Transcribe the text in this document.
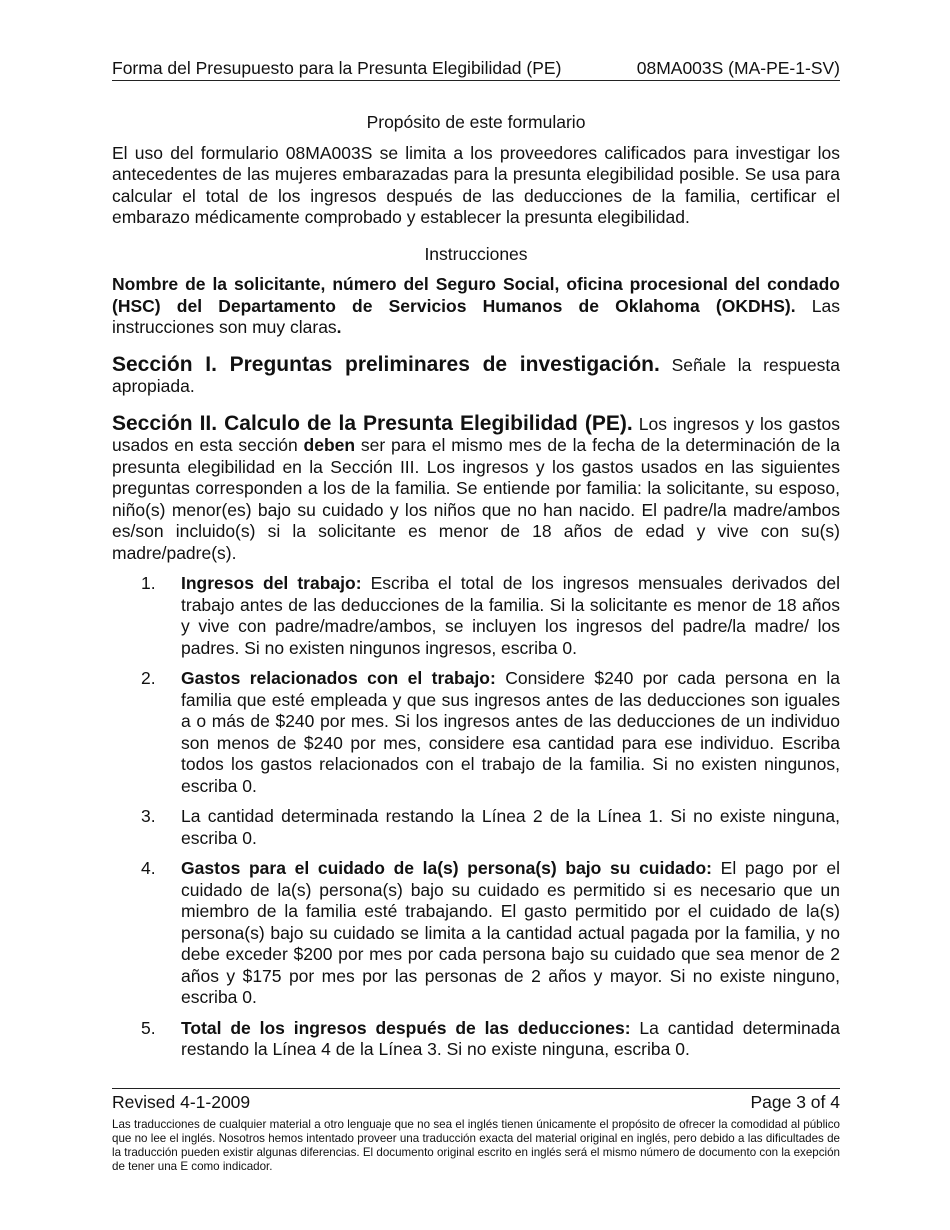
Forma del Presupuesto para la Presunta Elegibilidad (PE)	08MA003S (MA-PE-1-SV)

Propósito de este formulario

El uso del formulario 08MA003S se limita a los proveedores calificados para investigar los antecedentes de las mujeres embarazadas para la presunta elegibilidad posible. Se usa para calcular el total de los ingresos después de las deducciones de la familia, certificar el embarazo médicamente comprobado y establecer la presunta elegibilidad.

Instrucciones

Nombre de la solicitante, número del Seguro Social, oficina procesional del condado (HSC) del Departamento de Servicios Humanos de Oklahoma (OKDHS). Las instrucciones son muy claras.

Sección I. Preguntas preliminares de investigación. Señale la respuesta apropiada.

Sección II. Calculo de la Presunta Elegibilidad (PE). Los ingresos y los gastos usados en esta sección deben ser para el mismo mes de la fecha de la determinación de la presunta elegibilidad en la Sección III. Los ingresos y los gastos usados en las siguientes preguntas corresponden a los de la familia. Se entiende por familia: la solicitante, su esposo, niño(s) menor(es) bajo su cuidado y los niños que no han nacido. El padre/la madre/ambos es/son incluido(s) si la solicitante es menor de 18 años de edad y vive con su(s) madre/padre(s).

1. Ingresos del trabajo: Escriba el total de los ingresos mensuales derivados del trabajo antes de las deducciones de la familia. Si la solicitante es menor de 18 años y vive con padre/madre/ambos, se incluyen los ingresos del padre/la madre/ los padres. Si no existen ningunos ingresos, escriba 0.
2. Gastos relacionados con el trabajo: Considere $240 por cada persona en la familia que esté empleada y que sus ingresos antes de las deducciones son iguales a o más de $240 por mes. Si los ingresos antes de las deducciones de un individuo son menos de $240 por mes, considere esa cantidad para ese individuo. Escriba todos los gastos relacionados con el trabajo de la familia. Si no existen ningunos, escriba 0.
3. La cantidad determinada restando la Línea 2 de la Línea 1. Si no existe ninguna, escriba 0.
4. Gastos para el cuidado de la(s) persona(s) bajo su cuidado: El pago por el cuidado de la(s) persona(s) bajo su cuidado es permitido si es necesario que un miembro de la familia esté trabajando. El gasto permitido por el cuidado de la(s) persona(s) bajo su cuidado se limita a la cantidad actual pagada por la familia, y no debe exceder $200 por mes por cada persona bajo su cuidado que sea menor de 2 años y $175 por mes por las personas de 2 años y mayor. Si no existe ninguno, escriba 0.
5. Total de los ingresos después de las deducciones: La cantidad determinada restando la Línea 4 de la Línea 3. Si no existe ninguna, escriba 0.
Revised 4-1-2009	Page 3 of 4

Las traducciones de cualquier material a otro lenguaje que no sea el inglés tienen únicamente el propósito de ofrecer la comodidad al público que no lee el inglés. Nosotros hemos intentado proveer una traducción exacta del material original en inglés, pero debido a las dificultades de la traducción pueden existir algunas diferencias. El documento original escrito en inglés será el mismo número de documento con la exepción de tener una E como indicador.
